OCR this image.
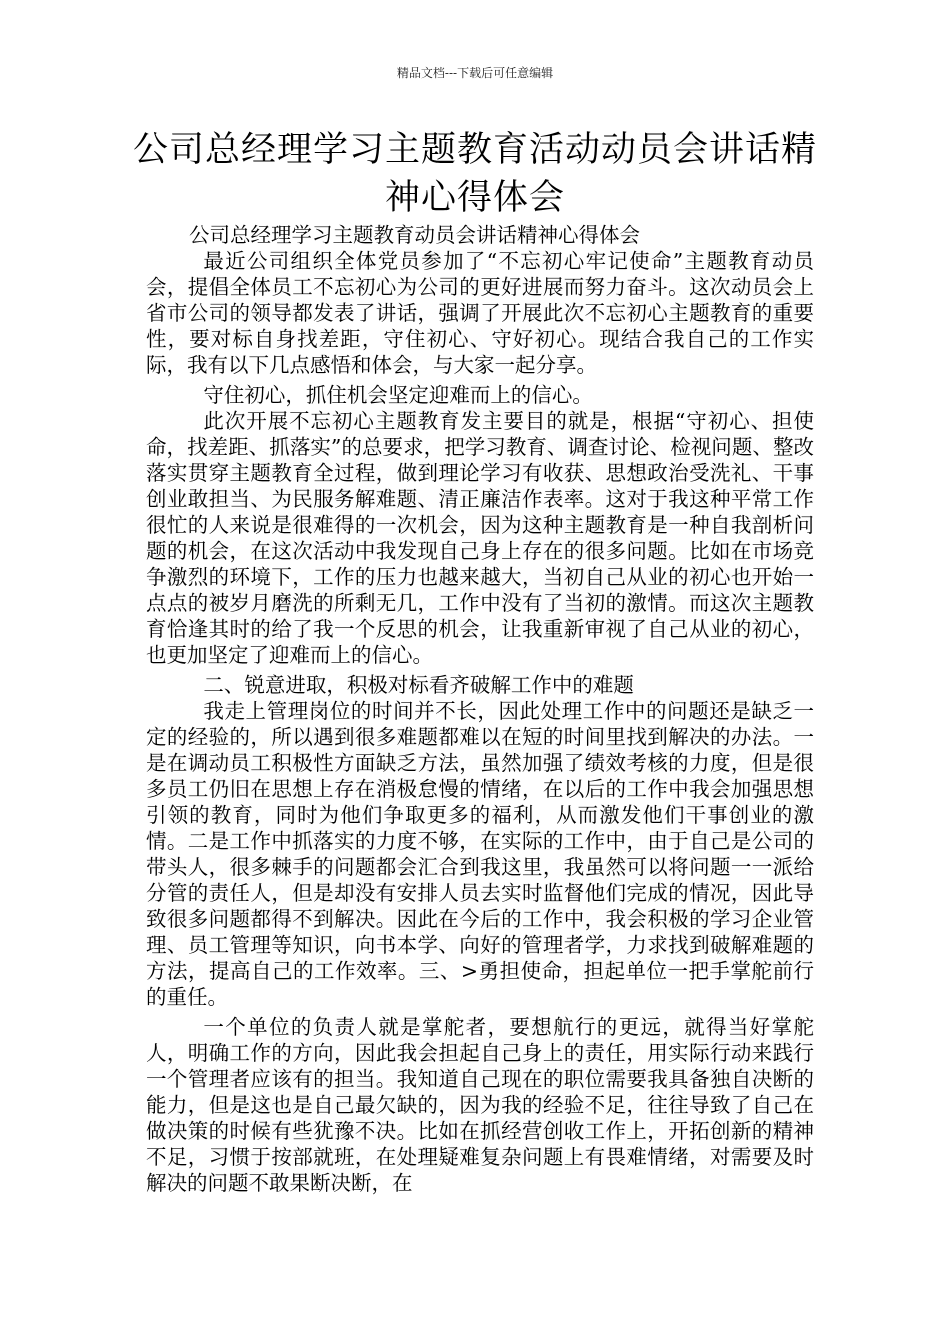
精品文档---下载后可任意编辑
公司总经理学习主题教育活动动员会讲话精神心得体会

公司总经理学习主题教育动员会讲话精神心得体会

最近公司组织全体党员参加了“不忘初心牢记使命”主题教育动员会，提倡全体员工不忘初心为公司的更好进展而努力奋斗。这次动员会上省市公司的领导都发表了讲话，强调了开展此次不忘初心主题教育的重要性，要对标自身找差距，守住初心、守好初心。现结合我自己的工作实际，我有以下几点感悟和体会，与大家一起分享。

守住初心，抓住机会坚定迎难而上的信心。

此次开展不忘初心主题教育发主要目的就是，根据“守初心、担使命，找差距、抓落实”的总要求，把学习教育、调查讨论、检视问题、整改落实贯穿主题教育全过程，做到理论学习有收获、思想政治受洗礼、干事创业敢担当、为民服务解难题、清正廉洁作表率。这对于我这种平常工作很忙的人来说是很难得的一次机会，因为这种主题教育是一种自我剖析问题的机会，在这次活动中我发现自己身上存在的很多问题。比如在市场竞争激烈的环境下，工作的压力也越来越大，当初自己从业的初心也开始一点点的被岁月磨洗的所剩无几，工作中没有了当初的激情。而这次主题教育恰逢其时的给了我一个反思的机会，让我重新审视了自己从业的初心，也更加坚定了迎难而上的信心。

二、锐意进取，积极对标看齐破解工作中的难题

我走上管理岗位的时间并不长，因此处理工作中的问题还是缺乏一定的经验的，所以遇到很多难题都难以在短的时间里找到解决的办法。一是在调动员工积极性方面缺乏方法，虽然加强了绩效考核的力度，但是很多员工仍旧在思想上存在消极怠慢的情绪，在以后的工作中我会加强思想引领的教育，同时为他们争取更多的福利，从而激发他们干事创业的激情。二是工作中抓落实的力度不够，在实际的工作中，由于自己是公司的带头人，很多棘手的问题都会汇合到我这里，我虽然可以将问题一一派给分管的责任人，但是却没有安排人员去实时监督他们完成的情况，因此导致很多问题都得不到解决。因此在今后的工作中，我会积极的学习企业管理、员工管理等知识，向书本学、向好的管理者学，力求找到破解难题的方法，提高自己的工作效率。三、>勇担使命，担起单位一把手掌舵前行的重任。

一个单位的负责人就是掌舵者，要想航行的更远，就得当好掌舵人，明确工作的方向，因此我会担起自己身上的责任，用实际行动来践行一个管理者应该有的担当。我知道自己现在的职位需要我具备独自决断的能力，但是这也是自己最欠缺的，因为我的经验不足，往往导致了自己在做决策的时候有些犹豫不决。比如在抓经营创收工作上，开拓创新的精神不足，习惯于按部就班，在处理疑难复杂问题上有畏难情绪，对需要及时解决的问题不敢果断决断，在
